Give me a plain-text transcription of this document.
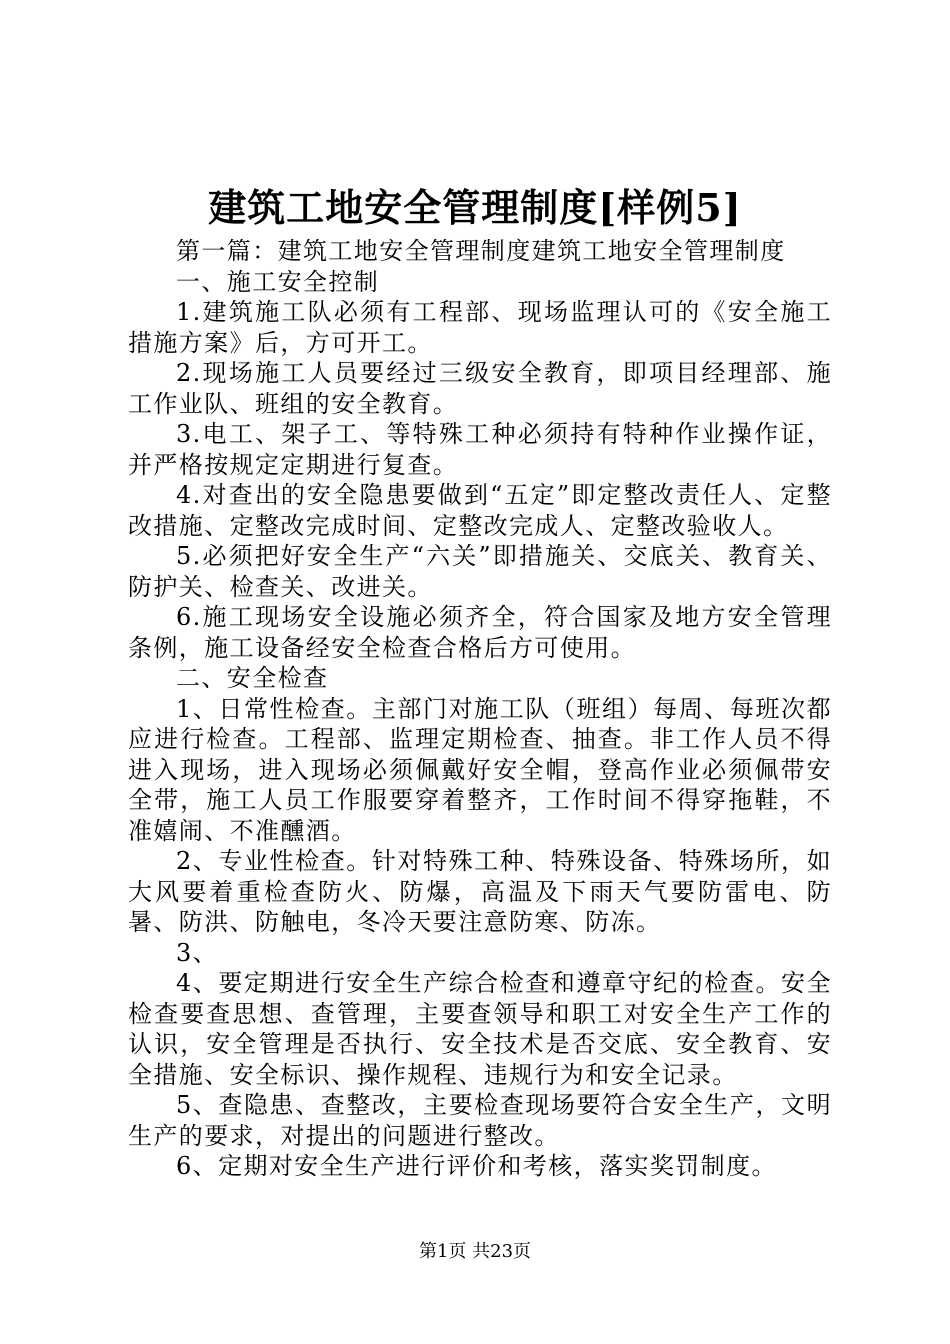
建筑工地安全管理制度[样例5]

第一篇：建筑工地安全管理制度建筑工地安全管理制度

一、施工安全控制

1.建筑施工队必须有工程部、现场监理认可的《安全施工措施方案》后，方可开工。

2.现场施工人员要经过三级安全教育，即项目经理部、施工作业队、班组的安全教育。

3.电工、架子工、等特殊工种必须持有特种作业操作证，并严格按规定定期进行复查。

4.对查出的安全隐患要做到“五定”即定整改责任人、定整改措施、定整改完成时间、定整改完成人、定整改验收人。

5.必须把好安全生产“六关”即措施关、交底关、教育关、防护关、检查关、改进关。

6.施工现场安全设施必须齐全，符合国家及地方安全管理条例，施工设备经安全检查合格后方可使用。

二、安全检查

1、日常性检查。主部门对施工队（班组）每周、每班次都应进行检查。工程部、监理定期检查、抽查。非工作人员不得进入现场，进入现场必须佩戴好安全帽，登高作业必须佩带安全带，施工人员工作服要穿着整齐，工作时间不得穿拖鞋，不准嬉闹、不准醺酒。

2、专业性检查。针对特殊工种、特殊设备、特殊场所，如大风要着重检查防火、防爆，高温及下雨天气要防雷电、防暑、防洪、防触电，冬冷天要注意防寒、防冻。

3、

4、要定期进行安全生产综合检查和遵章守纪的检查。安全检查要查思想、查管理，主要查领导和职工对安全生产工作的认识，安全管理是否执行、安全技术是否交底、安全教育、安全措施、安全标识、操作规程、违规行为和安全记录。

5、查隐患、查整改，主要检查现场要符合安全生产，文明生产的要求，对提出的问题进行整改。

6、定期对安全生产进行评价和考核，落实奖罚制度。

第1页 共23页
